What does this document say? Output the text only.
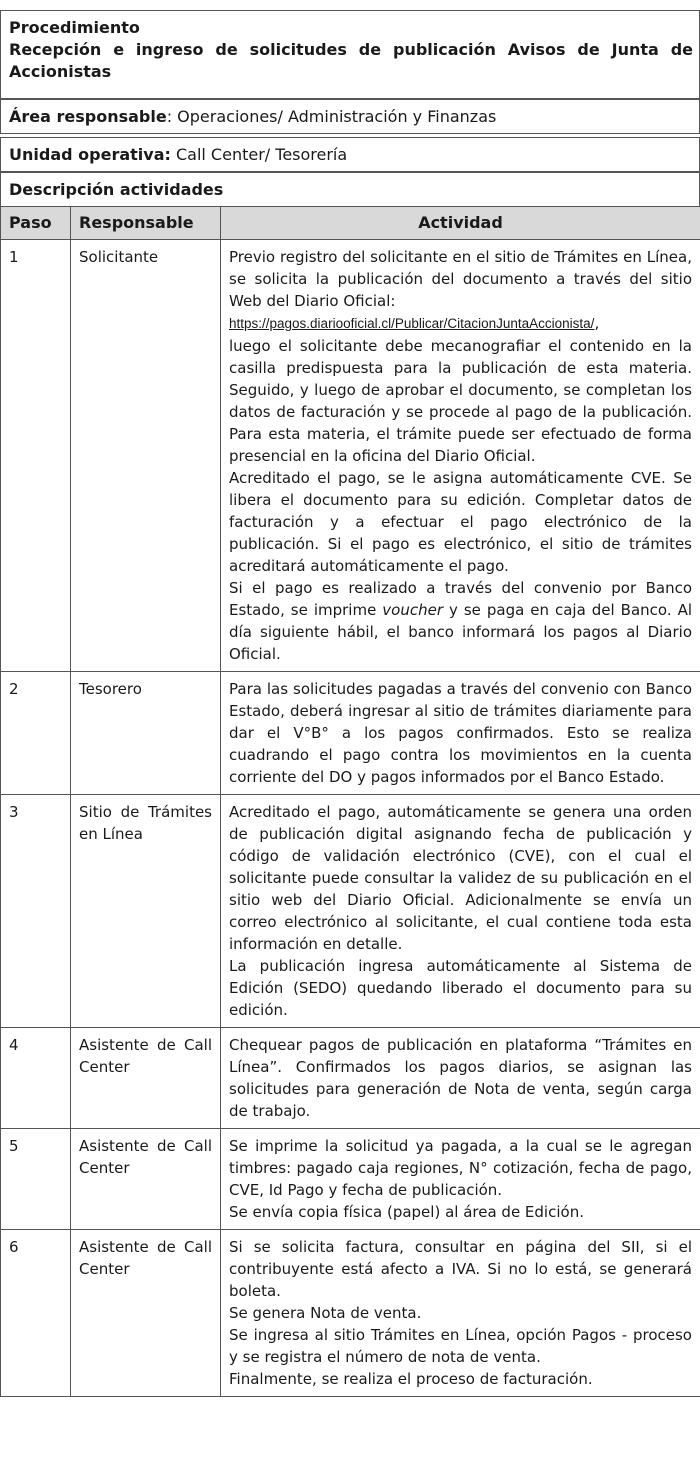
Procedimiento
Recepción e ingreso de solicitudes de publicación Avisos de Junta de Accionistas
Área responsable: Operaciones/ Administración y Finanzas
Unidad operativa: Call Center/ Tesorería
Descripción actividades
Paso	Responsable	Actividad
1	Solicitante	Previo registro del solicitante en el sitio de Trámites en Línea, se solicita la publicación del documento a través del sitio Web del Diario Oficial:

https://pagos.diariooficial.cl/Publicar/CitacionJuntaAccionista/,

luego el solicitante debe mecanografiar el contenido en la casilla predispuesta para la publicación de esta materia. Seguido, y luego de aprobar el documento, se completan los datos de facturación y se procede al pago de la publicación. Para esta materia, el trámite puede ser efectuado de forma presencial en la oficina del Diario Oficial.

Acreditado el pago, se le asigna automáticamente CVE. Se libera el documento para su edición. Completar datos de facturación y a efectuar el pago electrónico de la publicación. Si el pago es electrónico, el sitio de trámites acreditará automáticamente el pago.

Si el pago es realizado a través del convenio por Banco Estado, se imprime voucher y se paga en caja del Banco. Al día siguiente hábil, el banco informará los pagos al Diario Oficial.

2	Tesorero	Para las solicitudes pagadas a través del convenio con Banco Estado, deberá ingresar al sitio de trámites diariamente para dar el V°B° a los pagos confirmados. Esto se realiza cuadrando el pago contra los movimientos en la cuenta corriente del DO y pagos informados por el Banco Estado.

3	Sitio de Trámites en Línea	Acreditado el pago, automáticamente se genera una orden de publicación digital asignando fecha de publicación y código de validación electrónico (CVE), con el cual el solicitante puede consultar la validez de su publicación en el sitio web del Diario Oficial. Adicionalmente se envía un correo electrónico al solicitante, el cual contiene toda esta información en detalle.

La publicación ingresa automáticamente al Sistema de Edición (SEDO) quedando liberado el documento para su edición.

4	Asistente de Call Center	Chequear pagos de publicación en plataforma “Trámites en Línea”. Confirmados los pagos diarios, se asignan las solicitudes para generación de Nota de venta, según carga de trabajo.

5	Asistente de Call Center	Se imprime la solicitud ya pagada, a la cual se le agregan timbres: pagado caja regiones, N° cotización, fecha de pago, CVE, Id Pago y fecha de publicación.

Se envía copia física (papel) al área de Edición.

6	Asistente de Call Center	Si se solicita factura, consultar en página del SII, si el contribuyente está afecto a IVA. Si no lo está, se generará boleta.

Se genera Nota de venta.

Se ingresa al sitio Trámites en Línea, opción Pagos - proceso y se registra el número de nota de venta.

Finalmente, se realiza el proceso de facturación.
